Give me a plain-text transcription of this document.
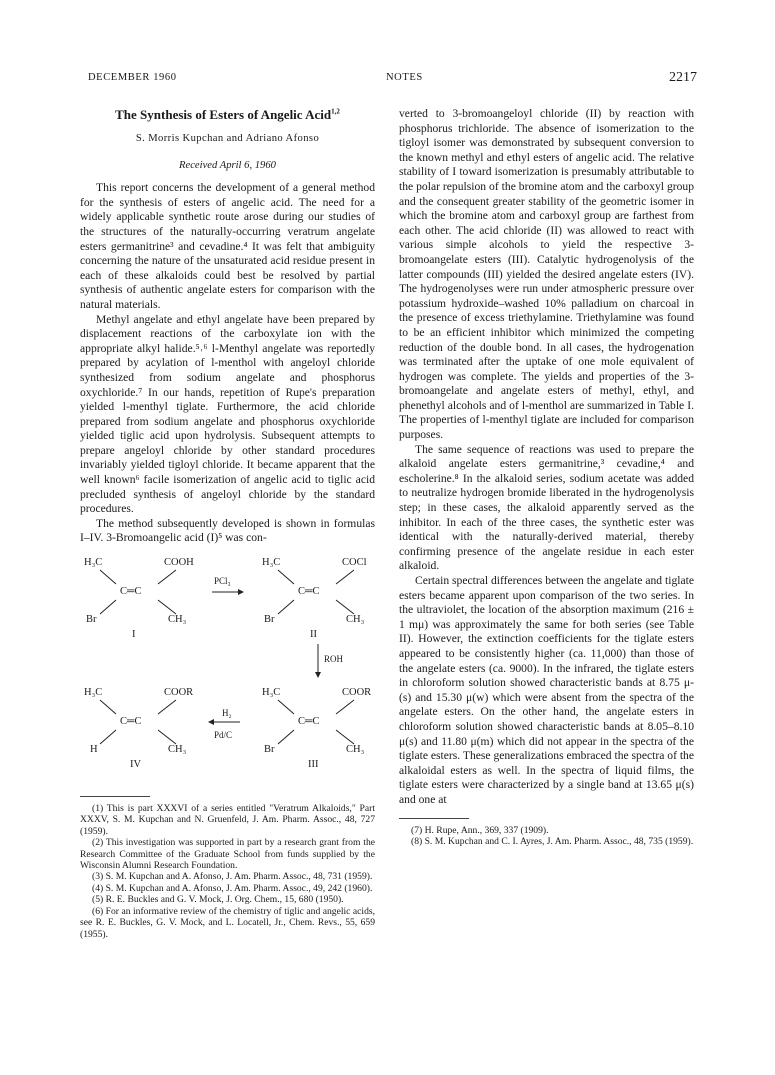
DECEMBER 1960	NOTES	2217
The Synthesis of Esters of Angelic Acid$^{1,2}$
S. Morris Kupchan and Adriano Afonso
Received April 6, 1960

This report concerns the development of a general method for the synthesis of esters of angelic acid. The need for a widely applicable synthetic route arose during our studies of the structures of the naturally-occurring veratrum angelate esters germanitrine³ and cevadine.⁴ It was felt that ambiguity concerning the nature of the unsaturated acid residue present in each of these alkaloids could best be resolved by partial synthesis of authentic angelate esters for comparison with the natural materials.

Methyl angelate and ethyl angelate have been prepared by displacement reactions of the carboxylate ion with the appropriate alkyl halide.⁵˒⁶ l-Menthyl angelate was reportedly prepared by acylation of l-menthol with angeloyl chloride synthesized from sodium angelate and phosphorus oxychloride.⁷ In our hands, repetition of Rupe's preparation yielded l-menthyl tiglate. Furthermore, the acid chloride prepared from sodium angelate and phosphorus oxychloride yielded tiglic acid upon hydrolysis. Subsequent attempts to prepare angeloyl chloride by other standard procedures invariably yielded tigloyl chloride. It became apparent that the well known⁶ facile isomerization of angelic acid to tiglic acid precluded synthesis of angeloyl chloride by the standard procedures.

The method subsequently developed is shown in formulas I–IV. 3-Bromoangelic acid (I)⁵ was con-

H₃C	COOH
C═C
Br	CH₃
I
PCl₃
H₃C	COCl
C═C
Br	CH₃
II
ROH
H₃C	COOR
C═C
H	CH₃
IV
H₂
Pd/C
H₃C	COOR
C═C
Br	CH₃
III

(1) This is part XXXVI of a series entitled "Veratrum Alkaloids," Part XXXV, S. M. Kupchan and N. Gruenfeld, J. Am. Pharm. Assoc., 48, 727 (1959).

(2) This investigation was supported in part by a research grant from the Research Committee of the Graduate School from funds supplied by the Wisconsin Alumni Research Foundation.

(3) S. M. Kupchan and A. Afonso, J. Am. Pharm. Assoc., 48, 731 (1959).

(4) S. M. Kupchan and A. Afonso, J. Am. Pharm. Assoc., 49, 242 (1960).

(5) R. E. Buckles and G. V. Mock, J. Org. Chem., 15, 680 (1950).

(6) For an informative review of the chemistry of tiglic and angelic acids, see R. E. Buckles, G. V. Mock, and L. Locatell, Jr., Chem. Revs., 55, 659 (1955).

verted to 3-bromoangeloyl chloride (II) by reaction with phosphorus trichloride. The absence of isomerization to the tigloyl isomer was demonstrated by subsequent conversion to the known methyl and ethyl esters of angelic acid. The relative stability of I toward isomerization is presumably attributable to the polar repulsion of the bromine atom and the carboxyl group and the consequent greater stability of the geometric isomer in which the bromine atom and carboxyl group are farthest from each other. The acid chloride (II) was allowed to react with various simple alcohols to yield the respective 3-bromoangelate esters (III). Catalytic hydrogenolysis of the latter compounds (III) yielded the desired angelate esters (IV). The hydrogenolyses were run under atmospheric pressure over potassium hydroxide–washed 10% palladium on charcoal in the presence of excess triethylamine. Triethylamine was found to be an efficient inhibitor which minimized the competing reduction of the double bond. In all cases, the hydrogenation was terminated after the uptake of one mole equivalent of hydrogen was complete. The yields and properties of the 3-bromoangelate and angelate esters of methyl, ethyl, and phenethyl alcohols and of l-menthol are summarized in Table I. The properties of l-menthyl tiglate are included for comparison purposes.

The same sequence of reactions was used to prepare the alkaloid angelate esters germanitrine,³ cevadine,⁴ and escholerine.⁸ In the alkaloid series, sodium acetate was added to neutralize hydrogen bromide liberated in the hydrogenolysis step; in these cases, the alkaloid apparently served as the inhibitor. In each of the three cases, the synthetic ester was identical with the naturally-derived material, thereby confirming presence of the angelate residue in each ester alkaloid.

Certain spectral differences between the angelate and tiglate esters became apparent upon comparison of the two series. In the ultraviolet, the location of the absorption maximum (216 ± 1 mμ) was approximately the same for both series (see Table II). However, the extinction coefficients for the tiglate esters appeared to be consistently higher (ca. 11,000) than those of the angelate esters (ca. 9000). In the infrared, the tiglate esters in chloroform solution showed characteristic bands at 8.75 μ-(s) and 15.30 μ(w) which were absent from the spectra of the angelate esters. On the other hand, the angelate esters in chloroform solution showed characteristic bands at 8.05–8.10 μ(s) and 11.80 μ(m) which did not appear in the spectra of the tiglate esters. These generalizations embraced the spectra of the alkaloidal esters as well. In the spectra of liquid films, the tiglate esters were characterized by a single band at 13.65 μ(s) and one at

(7) H. Rupe, Ann., 369, 337 (1909).

(8) S. M. Kupchan and C. I. Ayres, J. Am. Pharm. Assoc., 48, 735 (1959).
